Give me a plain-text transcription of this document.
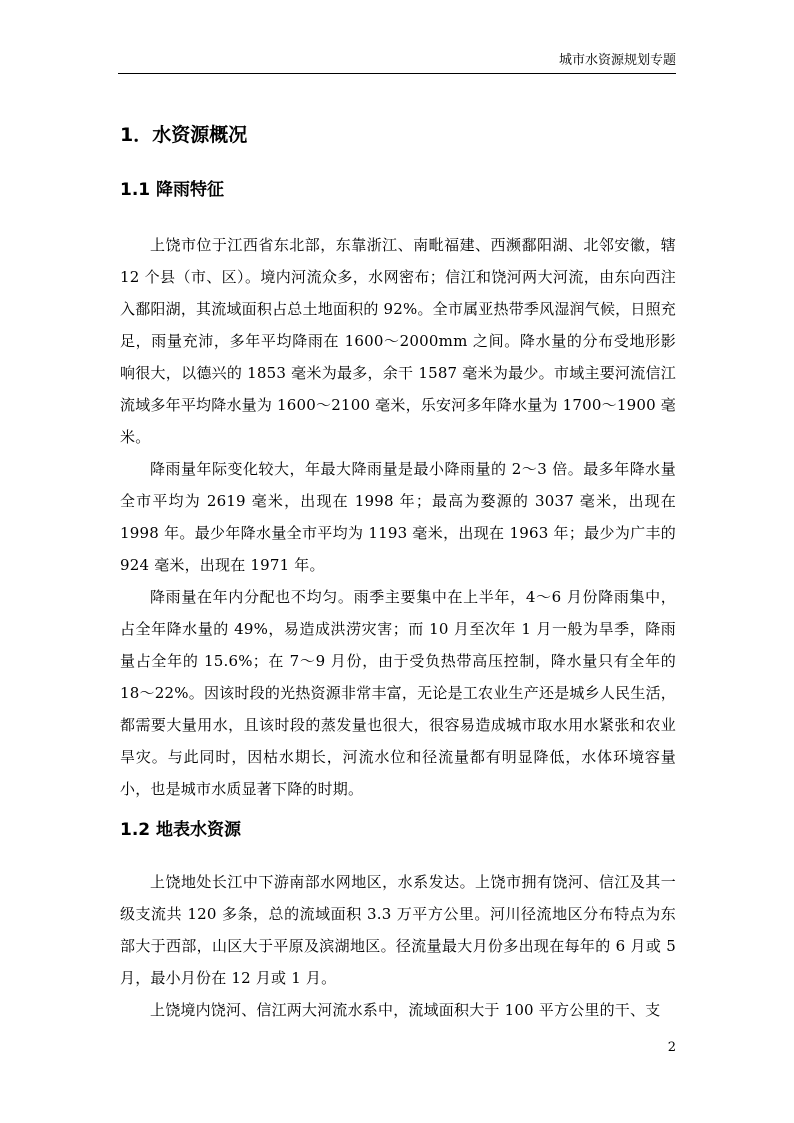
城市水资源规划专题
1．水资源概况
1.1 降雨特征

上饶市位于江西省东北部，东靠浙江、南毗福建、西濒鄱阳湖、北邻安徽，辖 12 个县（市、区）。境内河流众多，水网密布；信江和饶河两大河流，由东向西注入鄱阳湖，其流域面积占总土地面积的 92%。全市属亚热带季风湿润气候，日照充足，雨量充沛，多年平均降雨在 1600～2000mm 之间。降水量的分布受地形影响很大，以德兴的 1853 毫米为最多，余干 1587 毫米为最少。市域主要河流信江流域多年平均降水量为 1600～2100 毫米，乐安河多年降水量为 1700～1900 毫米。

降雨量年际变化较大，年最大降雨量是最小降雨量的 2～3 倍。最多年降水量全市平均为 2619 毫米，出现在 1998 年；最高为婺源的 3037 毫米，出现在 1998 年。最少年降水量全市平均为 1193 毫米，出现在 1963 年；最少为广丰的 924 毫米，出现在 1971 年。

降雨量在年内分配也不均匀。雨季主要集中在上半年，4～6 月份降雨集中，占全年降水量的 49%，易造成洪涝灾害；而 10 月至次年 1 月一般为旱季，降雨量占全年的 15.6%；在 7～9 月份，由于受负热带高压控制，降水量只有全年的 18～22%。因该时段的光热资源非常丰富，无论是工农业生产还是城乡人民生活，都需要大量用水，且该时段的蒸发量也很大，很容易造成城市取水用水紧张和农业旱灾。与此同时，因枯水期长，河流水位和径流量都有明显降低，水体环境容量小，也是城市水质显著下降的时期。

1.2 地表水资源

上饶地处长江中下游南部水网地区，水系发达。上饶市拥有饶河、信江及其一级支流共 120 多条，总的流域面积 3.3 万平方公里。河川径流地区分布特点为东部大于西部，山区大于平原及滨湖地区。径流量最大月份多出现在每年的 6 月或 5 月，最小月份在 12 月或 1 月。

上饶境内饶河、信江两大河流水系中，流域面积大于 100 平方公里的干、支

2
